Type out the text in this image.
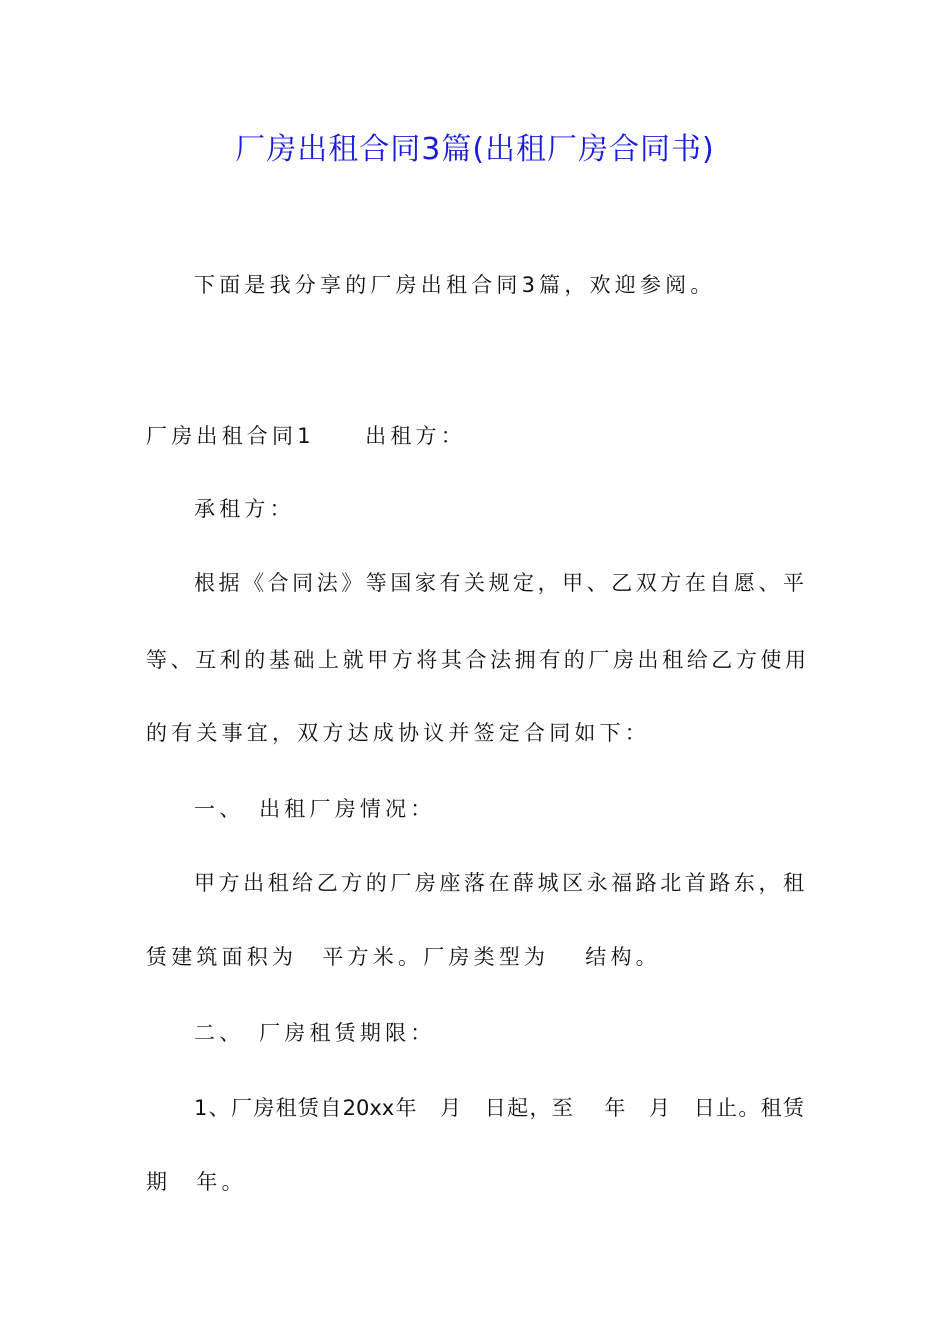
厂房出租合同3篇(出租厂房合同书)

下面是我分享的厂房出租合同3篇，欢迎参阅。

厂房出租合同1　　出租方：

承租方：

根据《合同法》等国家有关规定，甲、乙双方在自愿、平

等、互利的基础上就甲方将其合法拥有的厂房出租给乙方使用

的有关事宜，双方达成协议并签定合同如下：

一、　出租厂房情况：

甲方出租给乙方的厂房座落在薛城区永福路北首路东，租

赁建筑面积为　平方米。厂房类型为　 结构。

二、　厂房租赁期限：

1、厂房租赁自20xx年　月　日起，至　 年　月　日止。租赁

期　年。
